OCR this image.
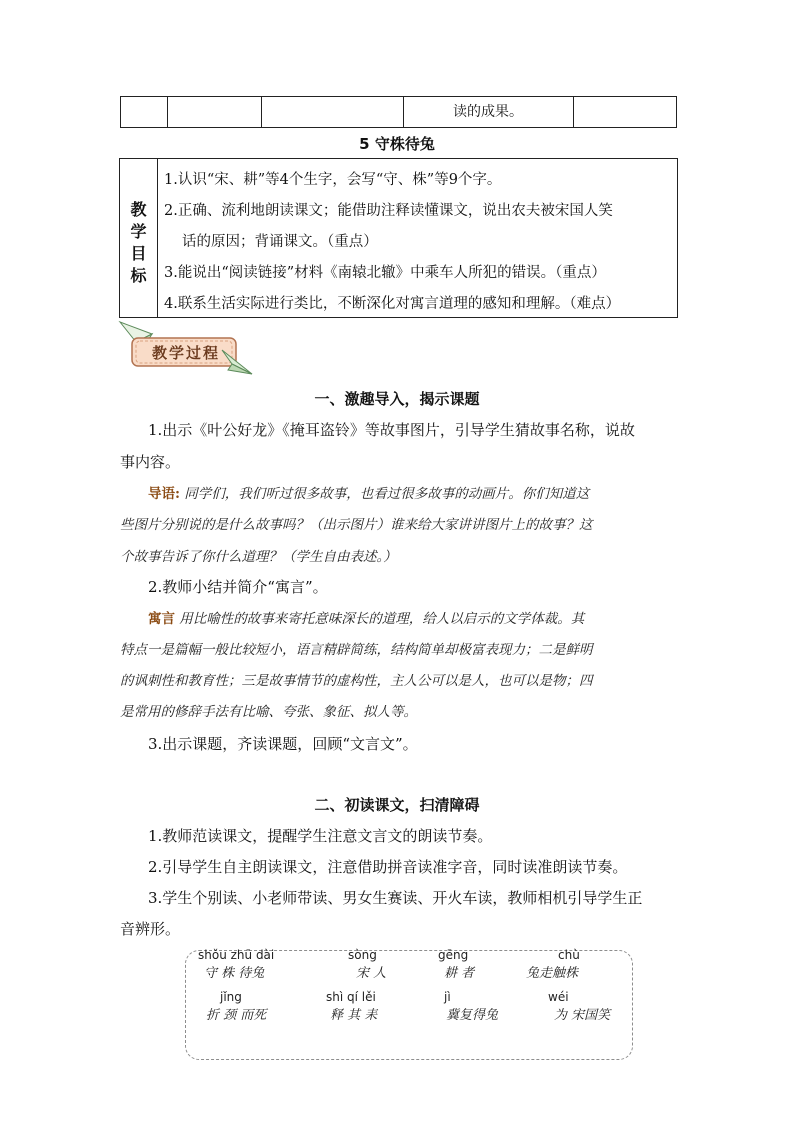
读的成果。
5 守株待兔
教
学
目
标
1.认识“宋、耕”等4个生字，会写“守、株”等9个字。
2.正确、流利地朗读课文；能借助注释读懂课文，说出农夫被宋国人笑
话的原因；背诵课文。（重点）
3.能说出“阅读链接”材料《南辕北辙》中乘车人所犯的错误。（重点）
4.联系生活实际进行类比，不断深化对寓言道理的感知和理解。（难点）
教学过程
一、激趣导入，揭示课题
1.出示《叶公好龙》《掩耳盗铃》等故事图片，引导学生猜故事名称，说故
事内容。
导语: 同学们，我们听过很多故事，也看过很多故事的动画片。你们知道这
些图片分别说的是什么故事吗？（出示图片）谁来给大家讲讲图片上的故事？这
个故事告诉了你什么道理？（学生自由表述。）
2.教师小结并简介“寓言”。
寓言 用比喻性的故事来寄托意味深长的道理，给人以启示的文学体裁。其
特点一是篇幅一般比较短小，语言精辟简练，结构简单却极富表现力；二是鲜明
的讽刺性和教育性；三是故事情节的虚构性，主人公可以是人，也可以是物；四
是常用的修辞手法有比喻、夸张、象征、拟人等。
3.出示课题，齐读课题，回顾“文言文”。
二、初读课文，扫清障碍
1.教师范读课文，提醒学生注意文言文的朗读节奏。
2.引导学生自主朗读课文，注意借助拼音读准字音，同时读准朗读节奏。
3.学生个别读、小老师带读、男女生赛读、开火车读，教师相机引导学生正
音辨形。
shǒu zhū dài
守 株 待兔
sòng
宋 人
gēng
耕 者
chù
兔走触株
jǐng
折 颈 而死
shì qí lěi
释 其 耒
jì
冀复得兔
wéi
为 宋国笑
